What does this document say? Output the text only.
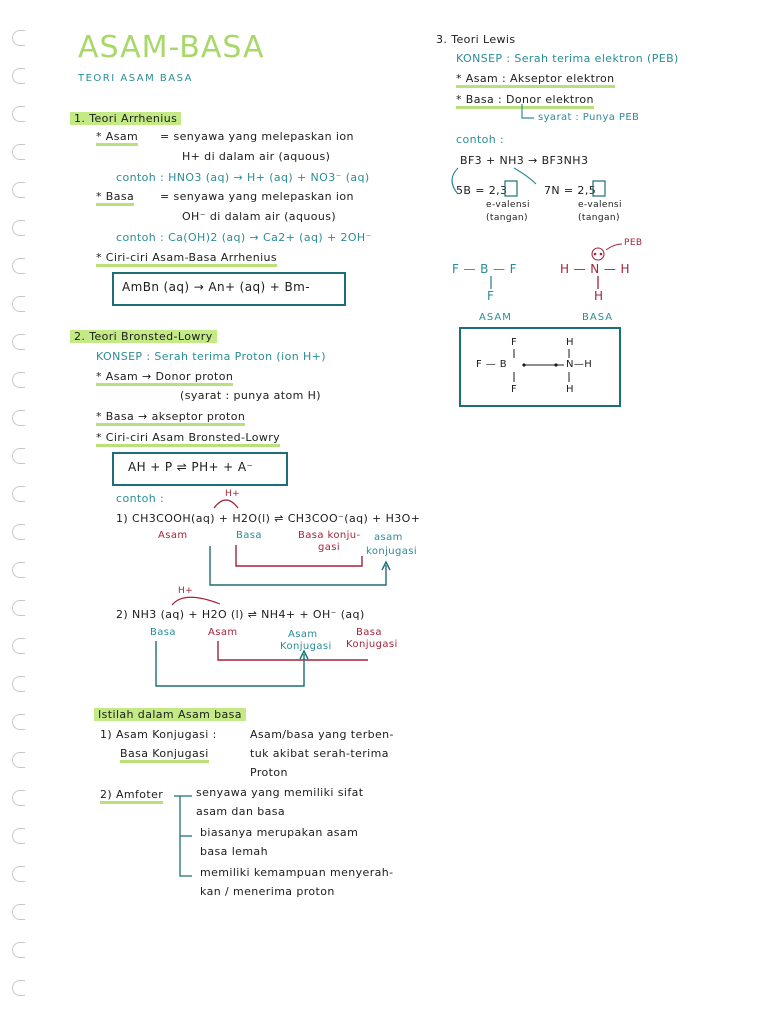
ASAM-BASA
TEORI ASAM BASA
1. Teori Arrhenius
* Asam = senyawa yang melepaskan ion
H+ di dalam air (aquous)
contoh : HNO3 (aq) → H+ (aq) + NO3⁻ (aq)
* Basa = senyawa yang melepaskan ion
OH⁻ di dalam air (aquous)
contoh : Ca(OH)2 (aq) → Ca2+ (aq) + 2OH⁻
* Ciri-ciri Asam-Basa Arrhenius
AmBn (aq) → An+ (aq) + Bm-
2. Teori Bronsted-Lowry
KONSEP : Serah terima Proton (ion H+)
* Asam → Donor proton
(syarat : punya atom H)
* Basa → akseptor proton
* Ciri-ciri Asam Bronsted-Lowry
AH + P ⇌ PH+ + A⁻
contoh :	H+
1) CH3COOH(aq) + H2O(l) ⇌ CH3COO⁻(aq) + H3O+
Asam	Basa	Basa konju-
gasi
asam
konjugasi
H+
2) NH3 (aq) + H2O (l) ⇌ NH4+ + OH⁻ (aq)
Basa	Asam	Asam
Konjugasi
Basa
Konjugasi
Istilah dalam Asam basa
1) Asam Konjugasi :
Basa Konjugasi
Asam/basa yang terben-
tuk akibat serah-terima
Proton
2) Amfoter	senyawa yang memiliki sifat
asam dan basa
biasanya merupakan asam
basa lemah
memiliki kemampuan menyerah-
kan / menerima proton
3. Teori Lewis
KONSEP : Serah terima elektron (PEB)
* Asam : Akseptor elektron
* Basa : Donor elektron
syarat : Punya PEB
contoh :
BF3 + NH3 → BF3NH3
5B = 2,3	7N = 2,5
e-valensi
(tangan)
e-valensi
(tangan)
F — B — F
F
H — N — H
H
PEB
ASAM	BASA
F
F — B	N—H
F
H
H
